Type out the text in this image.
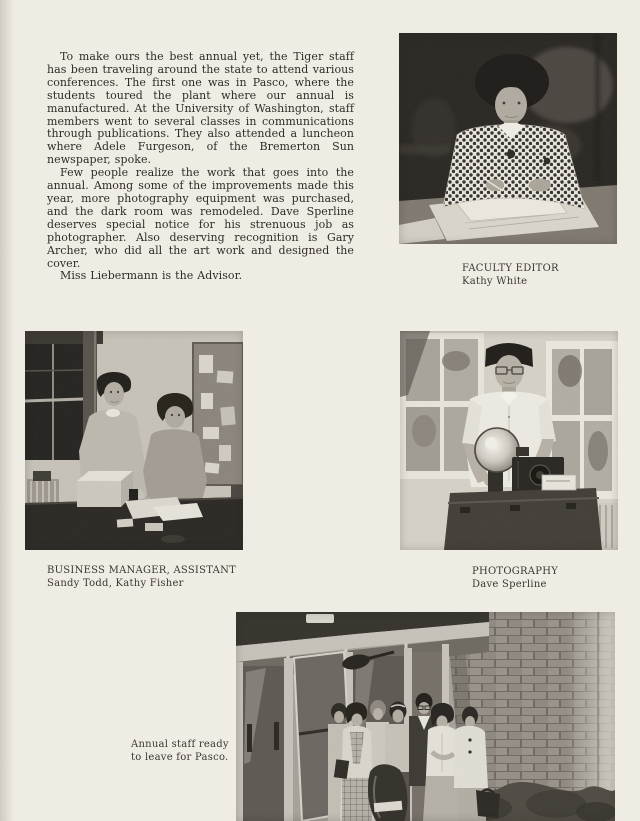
To make ours the best annual yet, the Tiger staff has been traveling around the state to attend various conferences. The first one was in Pasco, where the students toured the plant where our annual is manufactured. At the University of Washington, staff members went to several classes in communications through publications. They also attended a luncheon where Adele Furgeson, of the Bremerton Sun newspaper, spoke.

Few people realize the work that goes into the annual. Among some of the improvements made this year, more photography equipment was purchased, and the dark room was remodeled. Dave Sperline deserves special notice for his strenuous job as photographer. Also deserving recognition is Gary Archer, who did all the art work and designed the cover.

Miss Liebermann is the Advisor.

FACULTY EDITOR
Kathy White
BUSINESS MANAGER, ASSISTANT
Sandy Todd, Kathy Fisher
PHOTOGRAPHY
Dave Sperline
Annual staff ready
to leave for Pasco.
